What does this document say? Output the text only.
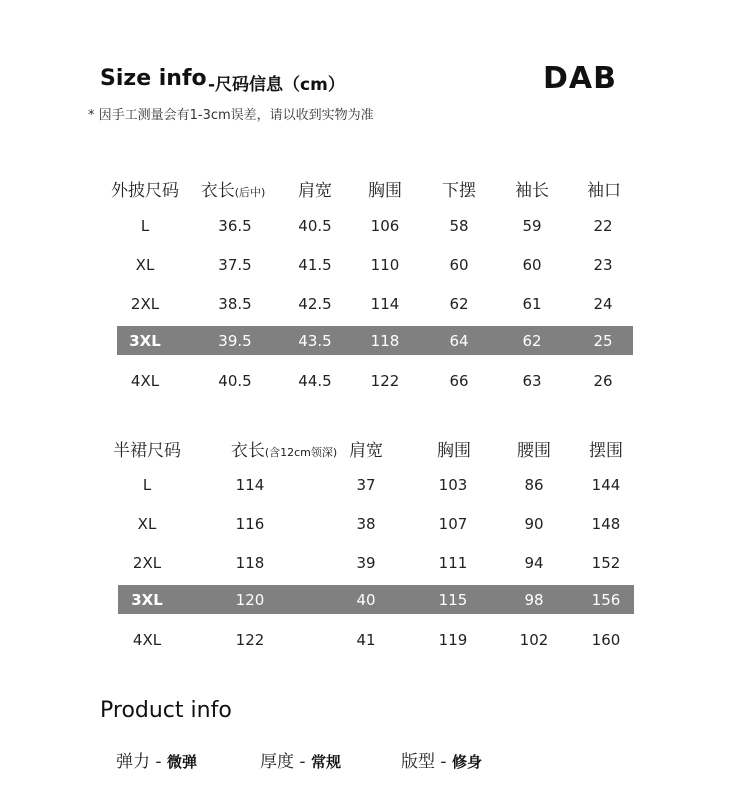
Size info -尺码信息（cm）	DAB
* 因手工测量会有1-3cm误差，请以收到实物为准
外披尺码 衣长(后中) 肩宽 胸围 下摆 袖长 袖口
L	36.5	40.5	106	58	59	22
XL	37.5	41.5	110	60	60	23
2XL	38.5	42.5	114	62	61	24
3XL	39.5	43.5	118	64	62	25
4XL	40.5	44.5	122	66	63	26
半裙尺码	衣长(含12cm领深) 肩宽	胸围	腰围 摆围
L	114	37	103	86	144
XL	116	38	107	90	148
2XL	118	39	111	94	152
3XL	120	40	115	98	156
4XL	122	41	119	102	160
Product info
弹力 - 微弹	厚度 - 常规	版型 - 修身
